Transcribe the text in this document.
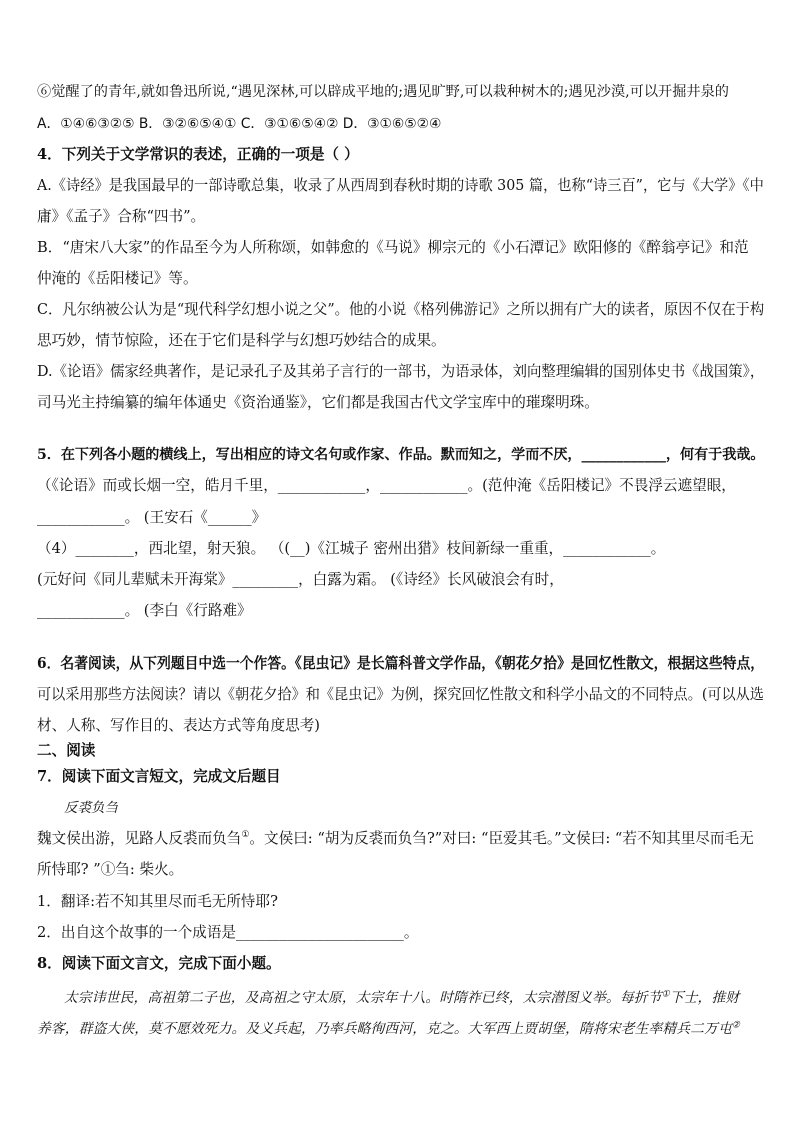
⑥觉醒了的青年,就如鲁迅所说,“遇见深林,可以辟成平地的;遇见旷野,可以栽种树木的;遇见沙漠,可以开掘井泉的
A．①④⑥③②⑤ B．③②⑥⑤④① C．③①⑥⑤④② D．③①⑥⑤②④
4．下列关于文学常识的表述，正确的一项是（ ）
A.《诗经》是我国最早的一部诗歌总集，收录了从西周到春秋时期的诗歌 305 篇，也称“诗三百”，它与《大学》《中
庸》《孟子》合称“四书”。
B．“唐宋八大家”的作品至今为人所称颂，如韩愈的《马说》柳宗元的《小石潭记》欧阳修的《醉翁亭记》和范
仲淹的《岳阳楼记》等。
C．凡尔纳被公认为是“现代科学幻想小说之父”。他的小说《格列佛游记》之所以拥有广大的读者，原因不仅在于构
思巧妙，情节惊险，还在于它们是科学与幻想巧妙结合的成果。
D.《论语》儒家经典著作，是记录孔子及其弟子言行的一部书，为语录体，刘向整理编辑的国别体史书《战国策》，
司马光主持编纂的编年体通史《资治通鉴》，它们都是我国古代文学宝库中的璀璨明珠。
5．在下列各小题的横线上，写出相应的诗文名句或作家、作品。默而知之，学而不厌，____________，何有于我哉。
（《论语》而或长烟一空，皓月千里，____________，____________。(范仲淹《岳阳楼记》不畏浮云遮望眼，
____________。 (王安石《______》
（4）________，西北望，射天狼。 （(__)《江城子 密州出猎》枝间新绿一重重，____________。
(元好问《同儿辈赋未开海棠》_________，白露为霜。 (《诗经》长风破浪会有时，
____________。 (李白《行路难》
6．名著阅读，从下列题目中选一个作答。《昆虫记》是长篇科普文学作品，《朝花夕拾》是回忆性散文，根据这些特点，
可以采用那些方法阅读？请以《朝花夕拾》和《昆虫记》为例，探究回忆性散文和科学小品文的不同特点。(可以从选
材、人称、写作目的、表达方式等角度思考)
二、阅读
7．阅读下面文言短文，完成文后题目
反裘负刍
魏文侯出游，见路人反裘而负刍①。文侯曰: “胡为反裘而负刍?”对曰: “臣爱其毛。”文侯曰: “若不知其里尽而毛无
所恃耶? ”①刍: 柴火。
1．翻译:若不知其里尽而毛无所恃耶?
2．出自这个故事的一个成语是_______________________。
8．阅读下面文言文，完成下面小题。
太宗讳世民，高祖第二子也，及高祖之守太原，太宗年十八。时隋祚已终，太宗潜图义举。每折节①下士，推财
养客，群盗大侠，莫不愿效死力。及义兵起，乃率兵略徇西河，克之。大军西上贾胡堡，隋将宋老生率精兵二万屯②
